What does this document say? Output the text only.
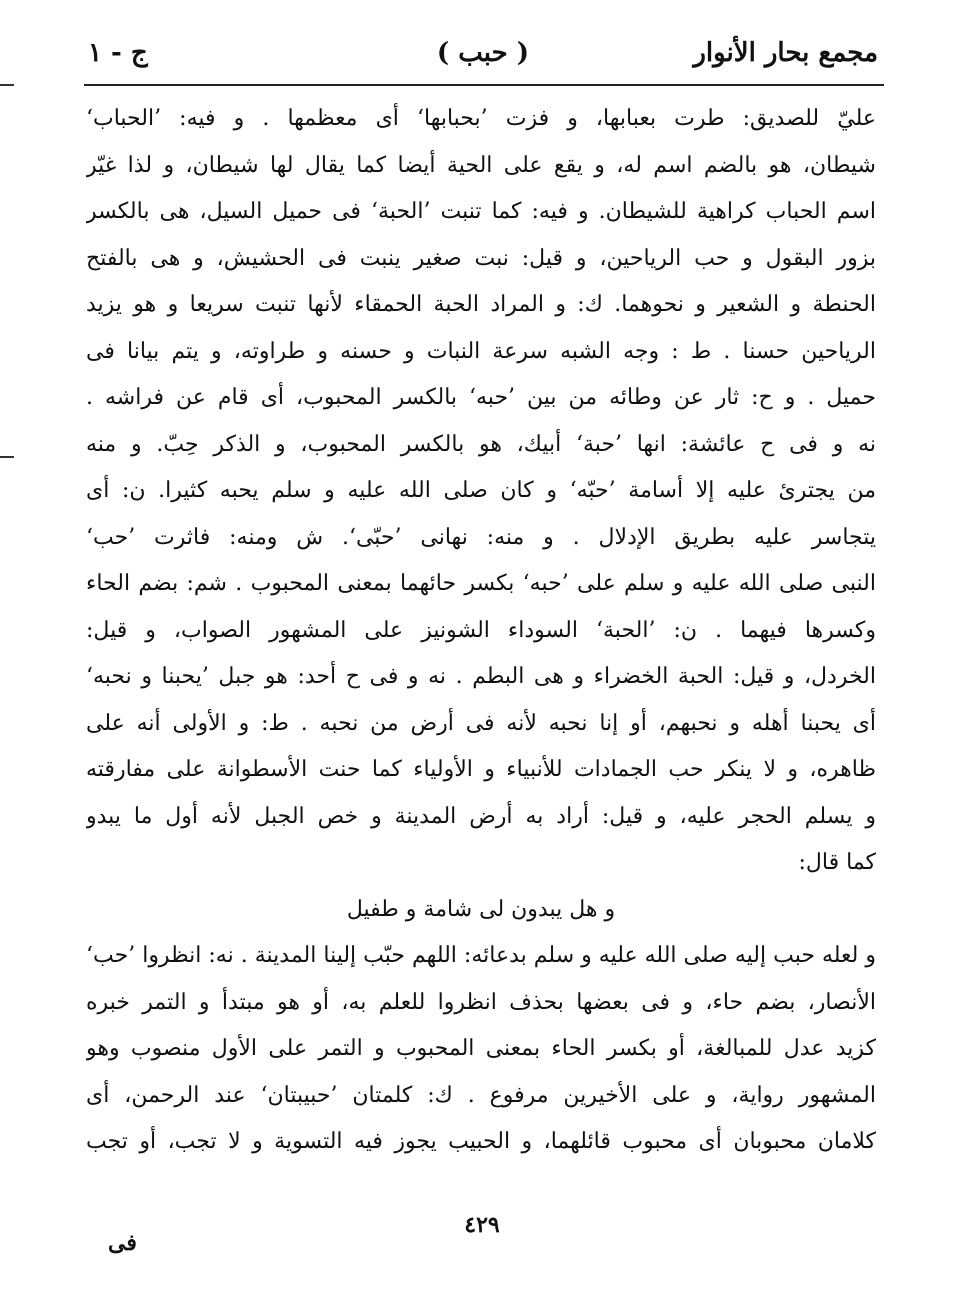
مجمع بحار الأنوار
( حبب )
ج - ١
عليّ للصديق: طرت بعبابها، و فزت ’بحبابها‘ أى معظمها . و فيه: ’الحباب‘
شيطان، هو بالضم اسم له، و يقع على الحية أيضا كما يقال لها شيطان، و لذا غيّر
اسم الحباب كراهية للشيطان. و فيه: كما تنبت ’الحبة‘ فى حميل السيل، هى بالكسر
بزور البقول و حب الرياحين، و قيل: نبت صغير ينبت فى الحشيش، و هى بالفتح
الحنطة و الشعير و نحوهما. ك: و المراد الحبة الحمقاء لأنها تنبت سريعا و هو يزيد
الرياحين حسنا . ط : وجه الشبه سرعة النبات و حسنه و طراوته، و يتم بيانا فى
حميل . و ح: ثار عن وطائه من بين ’حبه‘ بالكسر المحبوب، أى قام عن فراشه .
نه و فى ح عائشة: انها ’حبة‘ أبيك، هو بالكسر المحبوب، و الذكر حِبّ. و منه
من يجترئ عليه إلا أسامة ’حبّه‘ و كان صلى الله عليه و سلم يحبه كثيرا. ن: أى
يتجاسر عليه بطريق الإدلال . و منه: نهانى ’حبّى‘. ش ومنه: فاثرت ’حب‘
النبى صلى الله عليه و سلم على ’حبه‘ بكسر حائهما بمعنى المحبوب . شم: بضم الحاء
وكسرها فيهما . ن: ’الحبة‘ السوداء الشونيز على المشهور الصواب، و قيل:
الخردل، و قيل: الحبة الخضراء و هى البطم . نه و فى ح أحد: هو جبل ’يحبنا و نحبه‘
أى يحبنا أهله و نحبهم، أو إنا نحبه لأنه فى أرض من نحبه . ط: و الأولى أنه على
ظاهره، و لا ينكر حب الجمادات للأنبياء و الأولياء كما حنت الأسطوانة على مفارقته
و يسلم الحجر عليه، و قيل: أراد به أرض المدينة و خص الجبل لأنه أول ما يبدو
كما قال:
و هل يبدون لى شامة و طفيل
و لعله حبب إليه صلى الله عليه و سلم بدعائه: اللهم حبّب إلينا المدينة . نه: انظروا ’حب‘
الأنصار، بضم حاء، و فى بعضها بحذف انظروا للعلم به، أو هو مبتدأ و التمر خبره
كزيد عدل للمبالغة، أو بكسر الحاء بمعنى المحبوب و التمر على الأول منصوب وهو
المشهور رواية، و على الأخيرين مرفوع . ك: كلمتان ’حبيبتان‘ عند الرحمن، أى
كلامان محبوبان أى محبوب قائلهما، و الحبيب يجوز فيه التسوية و لا تجب، أو تجب
٤٢٩
فى
